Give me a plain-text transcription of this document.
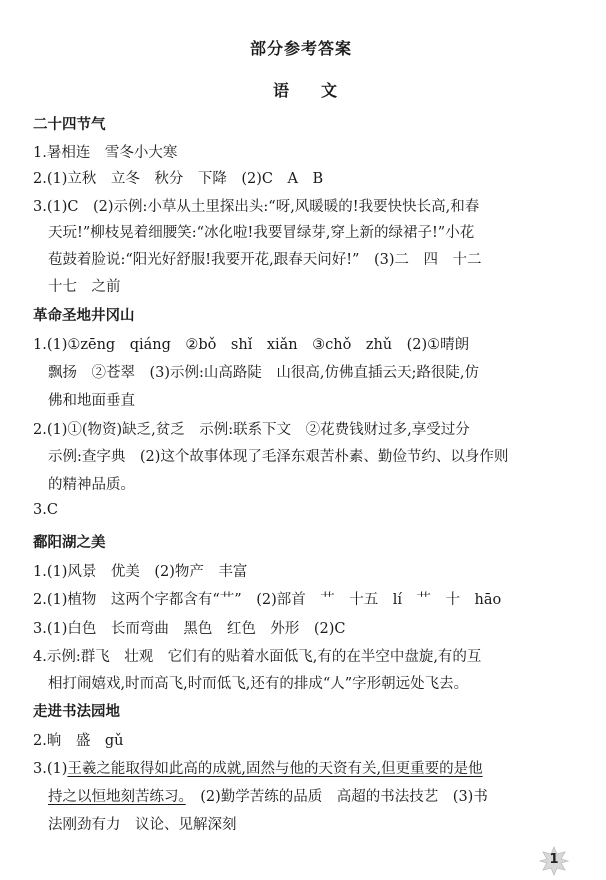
部分参考答案
语　　文
二十四节气
1.暑相连　雪冬小大寒
2.(1)立秋　立冬　秋分　下降　(2)C　A　B
3.(1)C　(2)示例:小草从土里探出头:“呀,风暖暖的!我要快快长高,和春
天玩!”柳枝晃着细腰笑:“冰化啦!我要冒绿芽,穿上新的绿裙子!”小花
苞鼓着脸说:“阳光好舒服!我要开花,跟春天问好!”　(3)二　四　十二
十七　之前
革命圣地井冈山
1.(1)①zēng　qiáng　②bǒ　shǐ　xiǎn　③chǒ　zhǔ　(2)①晴朗
飘扬　②苍翠　(3)示例:山高路陡　山很高,仿佛直插云天;路很陡,仿
佛和地面垂直
2.(1)①(物资)缺乏,贫乏　示例:联系下文　②花费钱财过多,享受过分
示例:查字典　(2)这个故事体现了毛泽东艰苦朴素、勤俭节约、以身作则
的精神品质。
3.C
鄱阳湖之美
1.(1)风景　优美　(2)物产　丰富
2.(1)植物　这两个字都含有“艹”　(2)部首　艹　十五　lí　艹　十　hāo
3.(1)白色　长而弯曲　黑色　红色　外形　(2)C
4.示例:群飞　壮观　它们有的贴着水面低飞,有的在半空中盘旋,有的互
相打闹嬉戏,时而高飞,时而低飞,还有的排成“人”字形朝远处飞去。
走进书法园地
2.晌　盛　gǔ
3.(1)王羲之能取得如此高的成就,固然与他的天资有关,但更重要的是他
持之以恒地刻苦练习。　(2)勤学苦练的品质　高超的书法技艺　(3)书
法刚劲有力　议论、见解深刻
1
